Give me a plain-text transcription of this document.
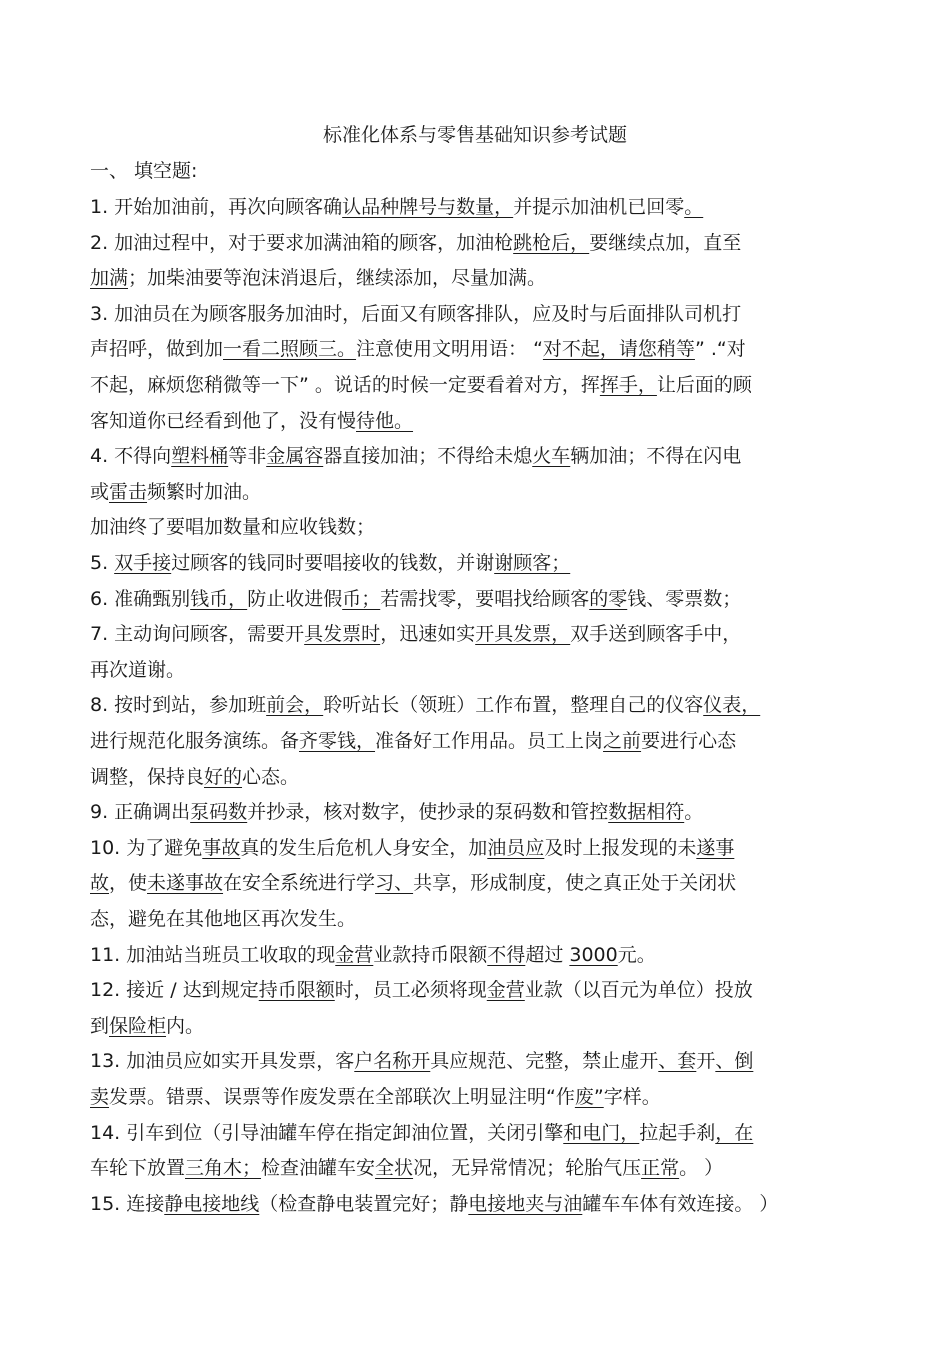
标准化体系与零售基础知识参考试题
一、 填空题:
1. 开始加油前，再次向顾客确认品种牌号与数量，并提示加油机已回零。
2. 加油过程中，对于要求加满油箱的顾客，加油枪跳枪后，要继续点加，直至
加满；加柴油要等泡沫消退后，继续添加，尽量加满。
3. 加油员在为顾客服务加油时，后面又有顾客排队，应及时与后面排队司机打
声招呼，做到加一看二照顾三。注意使用文明用语： “对不起，请您稍等” .“对
不起，麻烦您稍微等一下” 。说话的时候一定要看着对方，挥挥手，让后面的顾
客知道你已经看到他了，没有慢待他。
4. 不得向塑料桶等非金属容器直接加油；不得给未熄火车辆加油；不得在闪电
或雷击频繁时加油。
加油终了要唱加数量和应收钱数；
5. 双手接过顾客的钱同时要唱接收的钱数，并谢谢顾客；
6. 准确甄别钱币，防止收进假币；若需找零，要唱找给顾客的零钱、零票数；
7. 主动询问顾客，需要开具发票时，迅速如实开具发票，双手送到顾客手中，
再次道谢。
8. 按时到站，参加班前会，聆听站长（领班）工作布置，整理自己的仪容仪表，
进行规范化服务演练。备齐零钱，准备好工作用品。员工上岗之前要进行心态
调整，保持良好的心态。
9. 正确调出泵码数并抄录，核对数字，使抄录的泵码数和管控数据相符。
10. 为了避免事故真的发生后危机人身安全，加油员应及时上报发现的未遂事
故，使未遂事故在安全系统进行学习、共享，形成制度，使之真正处于关闭状
态，避免在其他地区再次发生。
11. 加油站当班员工收取的现金营业款持币限额不得超过 3000元。
12. 接近 / 达到规定持币限额时，员工必须将现金营业款（以百元为单位）投放
到保险柜内。
13. 加油员应如实开具发票，客户名称开具应规范、完整，禁止虚开、套开、倒
卖发票。错票、误票等作废发票在全部联次上明显注明“作废”字样。
14. 引车到位（引导油罐车停在指定卸油位置，关闭引擎和电门，拉起手刹，在
车轮下放置三角木；检查油罐车安全状况，无异常情况；轮胎气压正常。 ）
15. 连接静电接地线（检查静电装置完好；静电接地夹与油罐车车体有效连接。 ）
